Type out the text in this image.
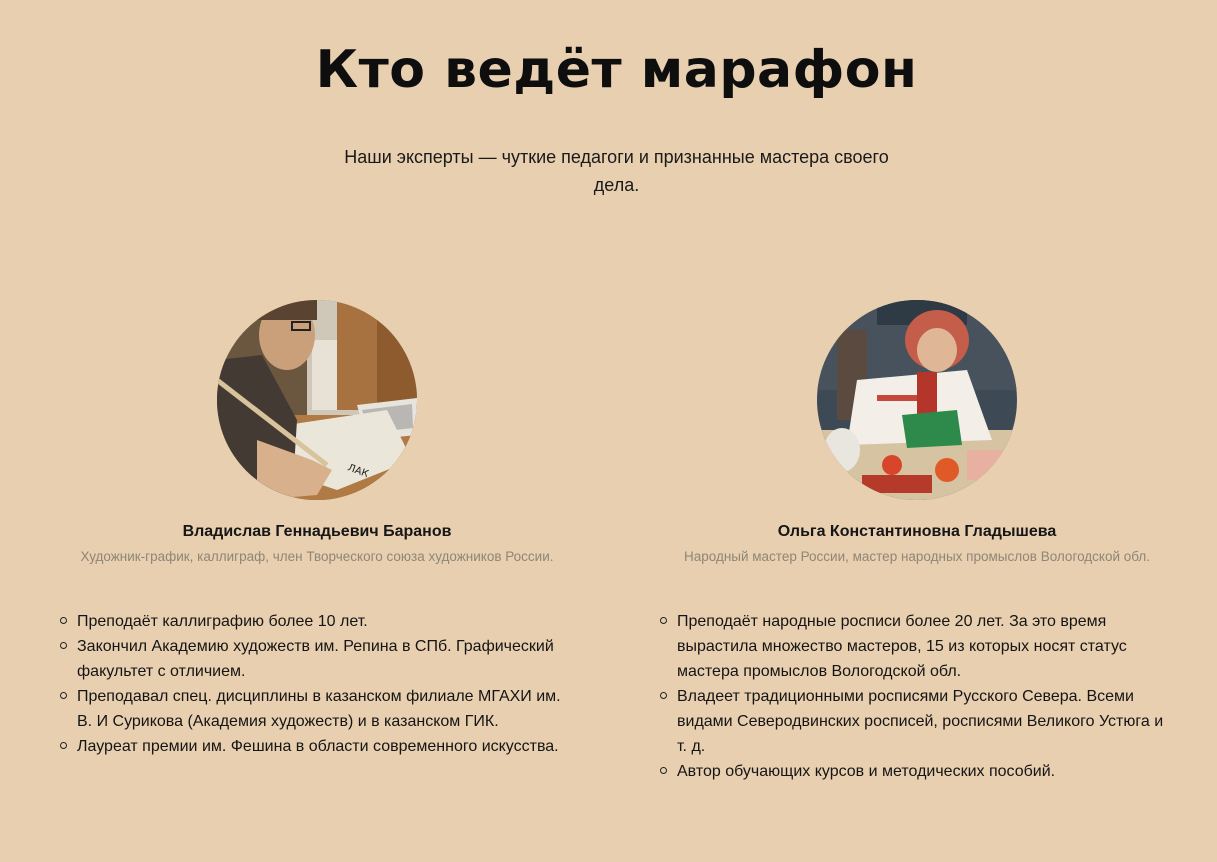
Кто ведёт марафон
Наши эксперты — чуткие педагоги и признанные мастера своего дела.
ЛАК
Владислав Геннадьевич Баранов
Художник-график, каллиграф, член Творческого союза художников России.
Преподаёт каллиграфию более 10 лет.
Закончил Академию художеств им. Репина в СПб. Графический факультет с отличием.
Преподавал спец. дисциплины в казанском филиале МГАХИ им. В. И Сурикова (Академия художеств) и в казанском ГИК.
Лауреат премии им. Фешина в области современного искусства.
Ольга Константиновна Гладышева
Народный мастер России, мастер народных промыслов Вологодской обл.
Преподаёт народные росписи более 20 лет. За это время вырастила множество мастеров, 15 из которых носят статус мастера промыслов Вологодской обл.
Владеет традиционными росписями Русского Севера. Всеми видами Северодвинских росписей, росписями Великого Устюга и т. д.
Автор обучающих курсов и методических пособий.
